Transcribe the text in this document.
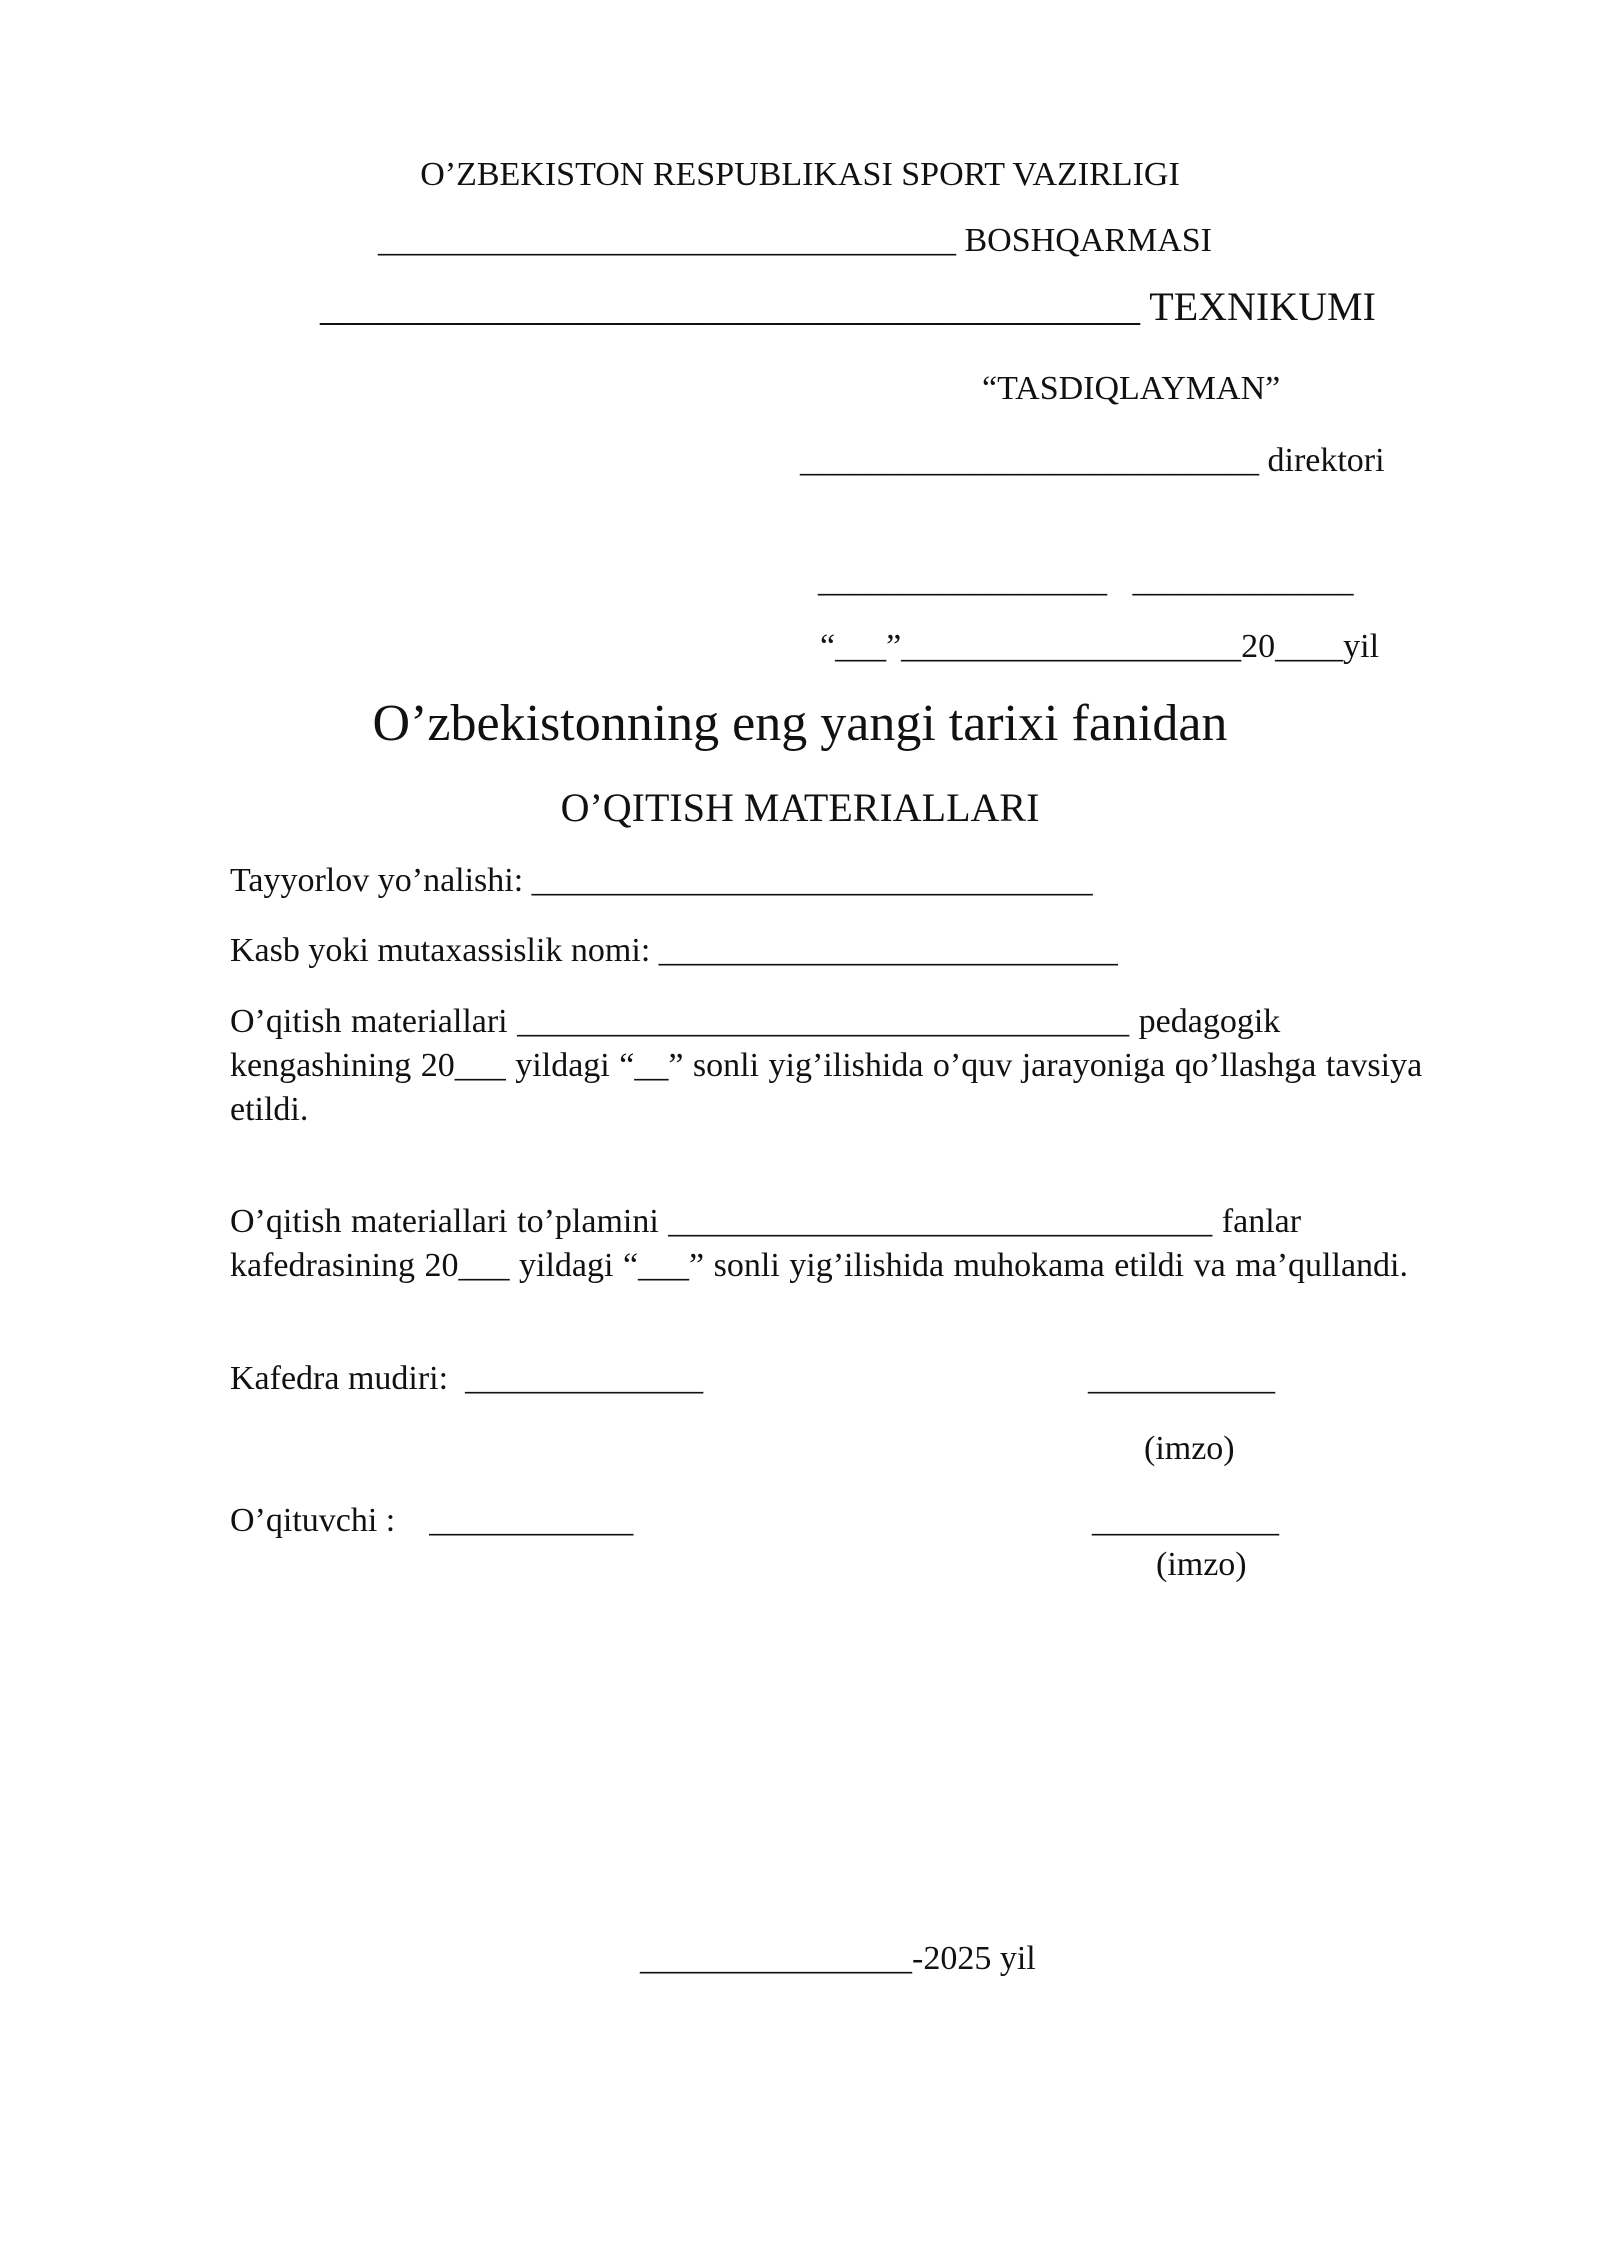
O’ZBEKISTON RESPUBLIKASI SPORT VAZIRLIGI
__________________________________ BOSHQARMASI
_________________________________________ TEXNIKUMI
“TASDIQLAYMAN”
___________________________ direktori
_________________   _____________
“___”____________________20____yil
O’zbekistonning eng yangi tarixi fanidan
O’QITISH MATERIALLARI
Tayyorlov yo’nalishi: _________________________________
Kasb yoki mutaxassislik nomi: ___________________________
O’qitish materiallari ____________________________________ pedagogik kengashining 20___ yildagi “__” sonli yig’ilishida o’quv jarayoniga qo’llashga tavsiya etildi.
O’qitish materiallari to’plamini ________________________________ fanlar kafedrasining 20___ yildagi “___” sonli yig’ilishida muhokama etildi va ma’qullandi.
Kafedra mudiri:  ______________	___________
(imzo)
O’qituvchi :    ____________	___________
(imzo)
________________-2025 yil
